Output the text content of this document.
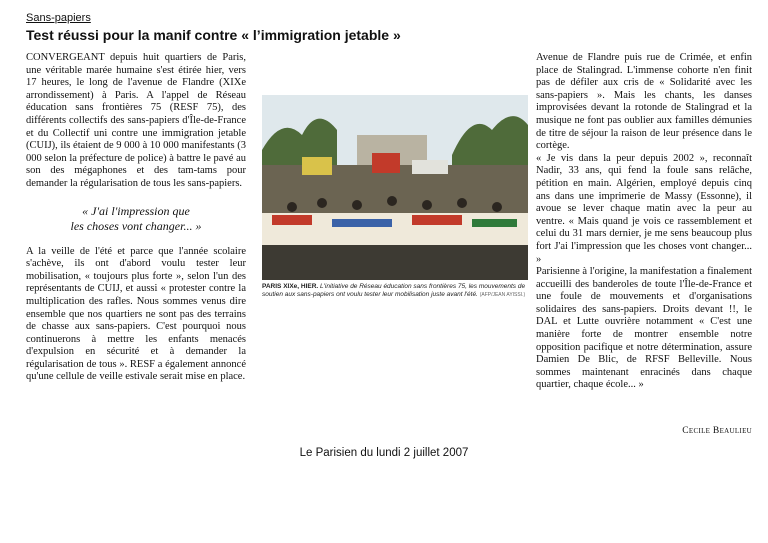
Sans-papiers
Test réussi pour la manif contre « l’immigration jetable »

CONVERGEANT depuis huit quartiers de Paris, une véritable marée humaine s'est étirée hier, vers 17 heures, le long de l'avenue de Flandre (XIXe arrondissement) à Paris. A l'appel de Réseau éducation sans frontières 75 (RESF 75), des différents collectifs des sans-papiers d'Île-de-France et du Collectif uni contre une immigration jetable (CUIJ), ils étaient de 9 000 à 10 000 manifestants (3 000 selon la préfecture de police) à battre le pavé au son des mégaphones et des tam-tams pour demander la régularisation de tous les sans-papiers.

« J'ai l'impression que
les choses vont changer... »

A la veille de l'été et parce que l'année scolaire s'achève, ils ont d'abord voulu tester leur mobilisation, « toujours plus forte », selon l'un des représentants de CUIJ, et aussi « protester contre la multiplication des rafles. Nous sommes venus dire ensemble que nos quartiers ne sont pas des terrains de chasse aux sans-papiers. C'est pourquoi nous continuerons à mettre les enfants menacés d'expulsion en sécurité et à demander la régularisation de tous ». RESF a également annoncé qu'une cellule de veille estivale serait mise en place.

PARIS XIXe, HIER. L'initiative de Réseau éducation sans frontières 75, les mouvements de soutien aux sans-papiers ont voulu tester leur mobilisation juste avant l'été. (AFP/JEAN AYISSI.)

Avenue de Flandre puis rue de Crimée, et enfin place de Stalingrad. L'immense cohorte n'en finit pas de défiler aux cris de « Solidarité avec les sans-papiers ». Mais les chants, les danses improvisées devant la rotonde de Stalingrad et la musique ne font pas oublier aux familles démunies de titre de séjour la raison de leur présence dans le cortège.

« Je vis dans la peur depuis 2002 », reconnaît Nadir, 33 ans, qui fend la foule sans relâche, pétition en main. Algérien, employé depuis cinq ans dans une imprimerie de Massy (Essonne), il avoue se lever chaque matin avec la peur au ventre. « Mais quand je vois ce rassemblement et celui du 31 mars dernier, je me sens beaucoup plus fort J'ai l'impression que les choses vont changer... »

Parisienne à l'origine, la manifestation a finalement accueilli des banderoles de toute l'Île-de-France et une foule de mouvements et d'organisations solidaires des sans-papiers. Droits devant !!, le DAL et Lutte ouvrière notamment « C'est une manière forte de montrer ensemble notre opposition pacifique et notre détermination, assure Damien De Blic, de RFSF Belleville. Nous sommes maintenant enracinés dans chaque quartier, chaque école... »

Cecile Beaulieu
Le Parisien du lundi 2 juillet 2007
